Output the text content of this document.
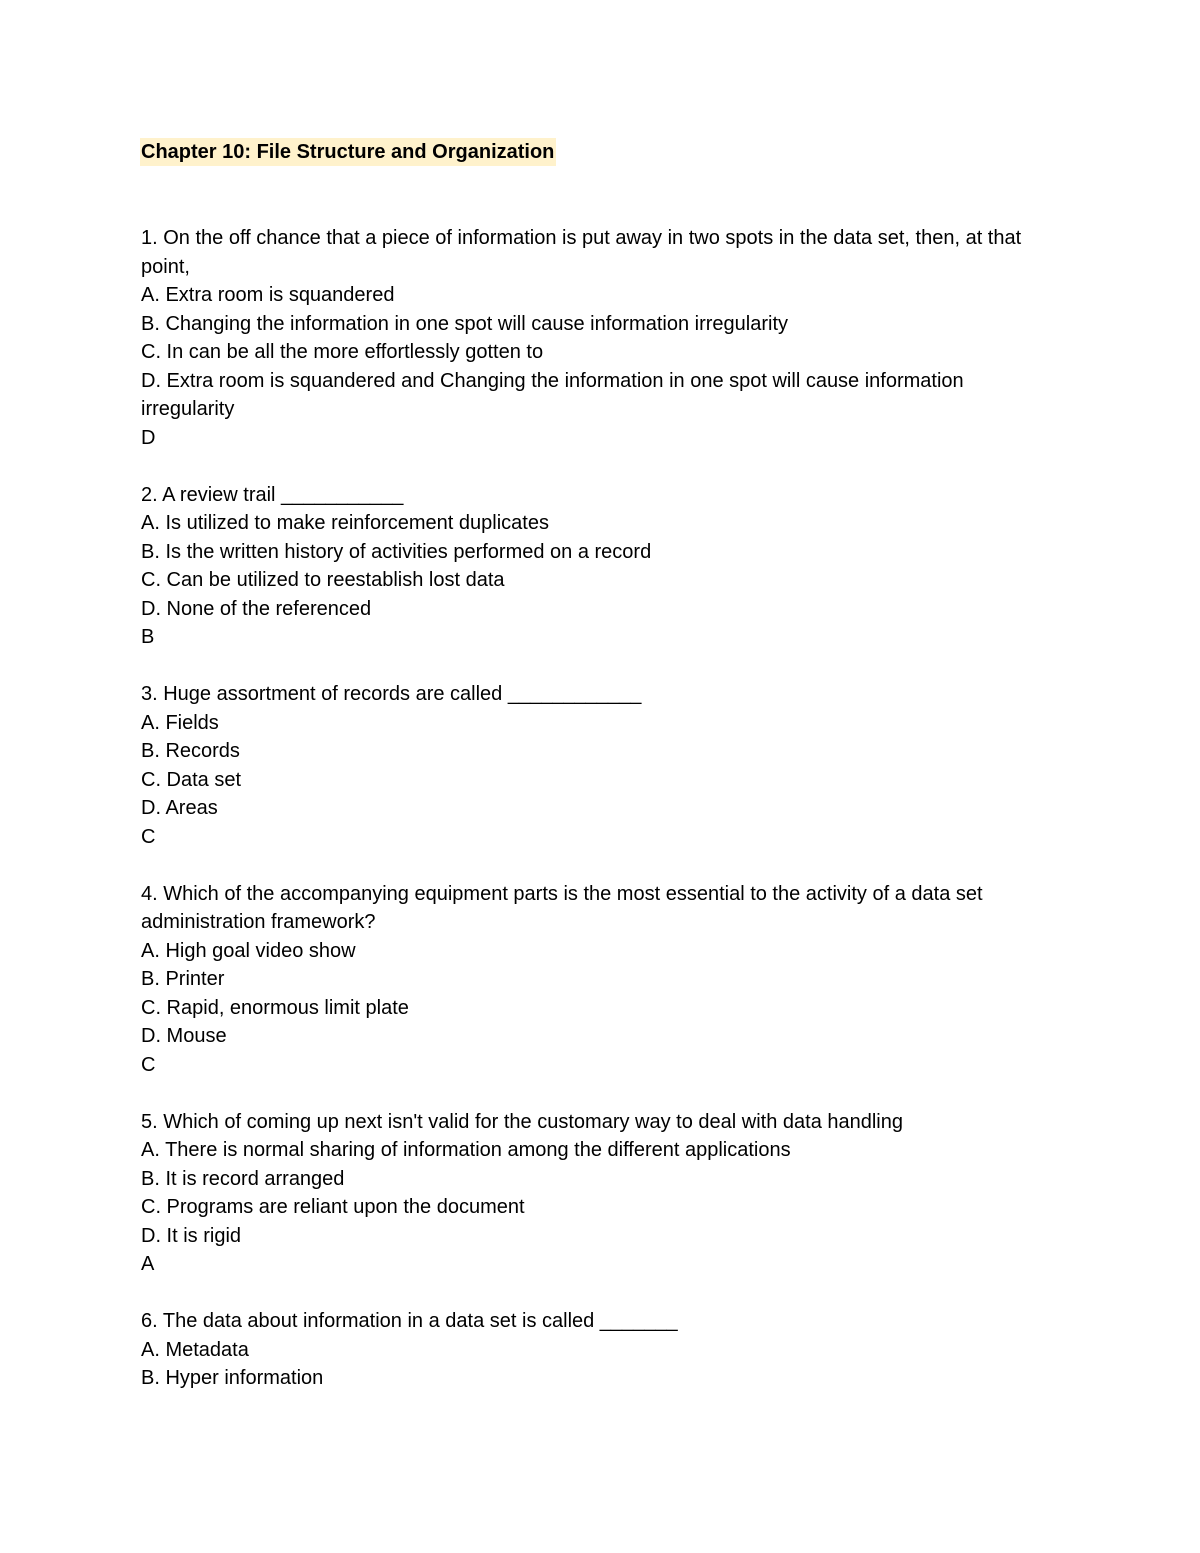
Chapter 10: File Structure and Organization

1. On the off chance that a piece of information is put away in two spots in the data set, then, at that point,

A. Extra room is squandered

B. Changing the information in one spot will cause information irregularity

C. In can be all the more effortlessly gotten to

D. Extra room is squandered and Changing the information in one spot will cause information irregularity

D

2. A review trail ___________

A. Is utilized to make reinforcement duplicates

B. Is the written history of activities performed on a record

C. Can be utilized to reestablish lost data

D. None of the referenced

B

3. Huge assortment of records are called ____________

A. Fields

B. Records

C. Data set

D. Areas

C

4. Which of the accompanying equipment parts is the most essential to the activity of a data set administration framework?

A. High goal video show

B. Printer

C. Rapid, enormous limit plate

D. Mouse

C

5. Which of coming up next isn't valid for the customary way to deal with data handling

A. There is normal sharing of information among the different applications

B. It is record arranged

C. Programs are reliant upon the document

D. It is rigid

A

6. The data about information in a data set is called _______

A. Metadata

B. Hyper information
